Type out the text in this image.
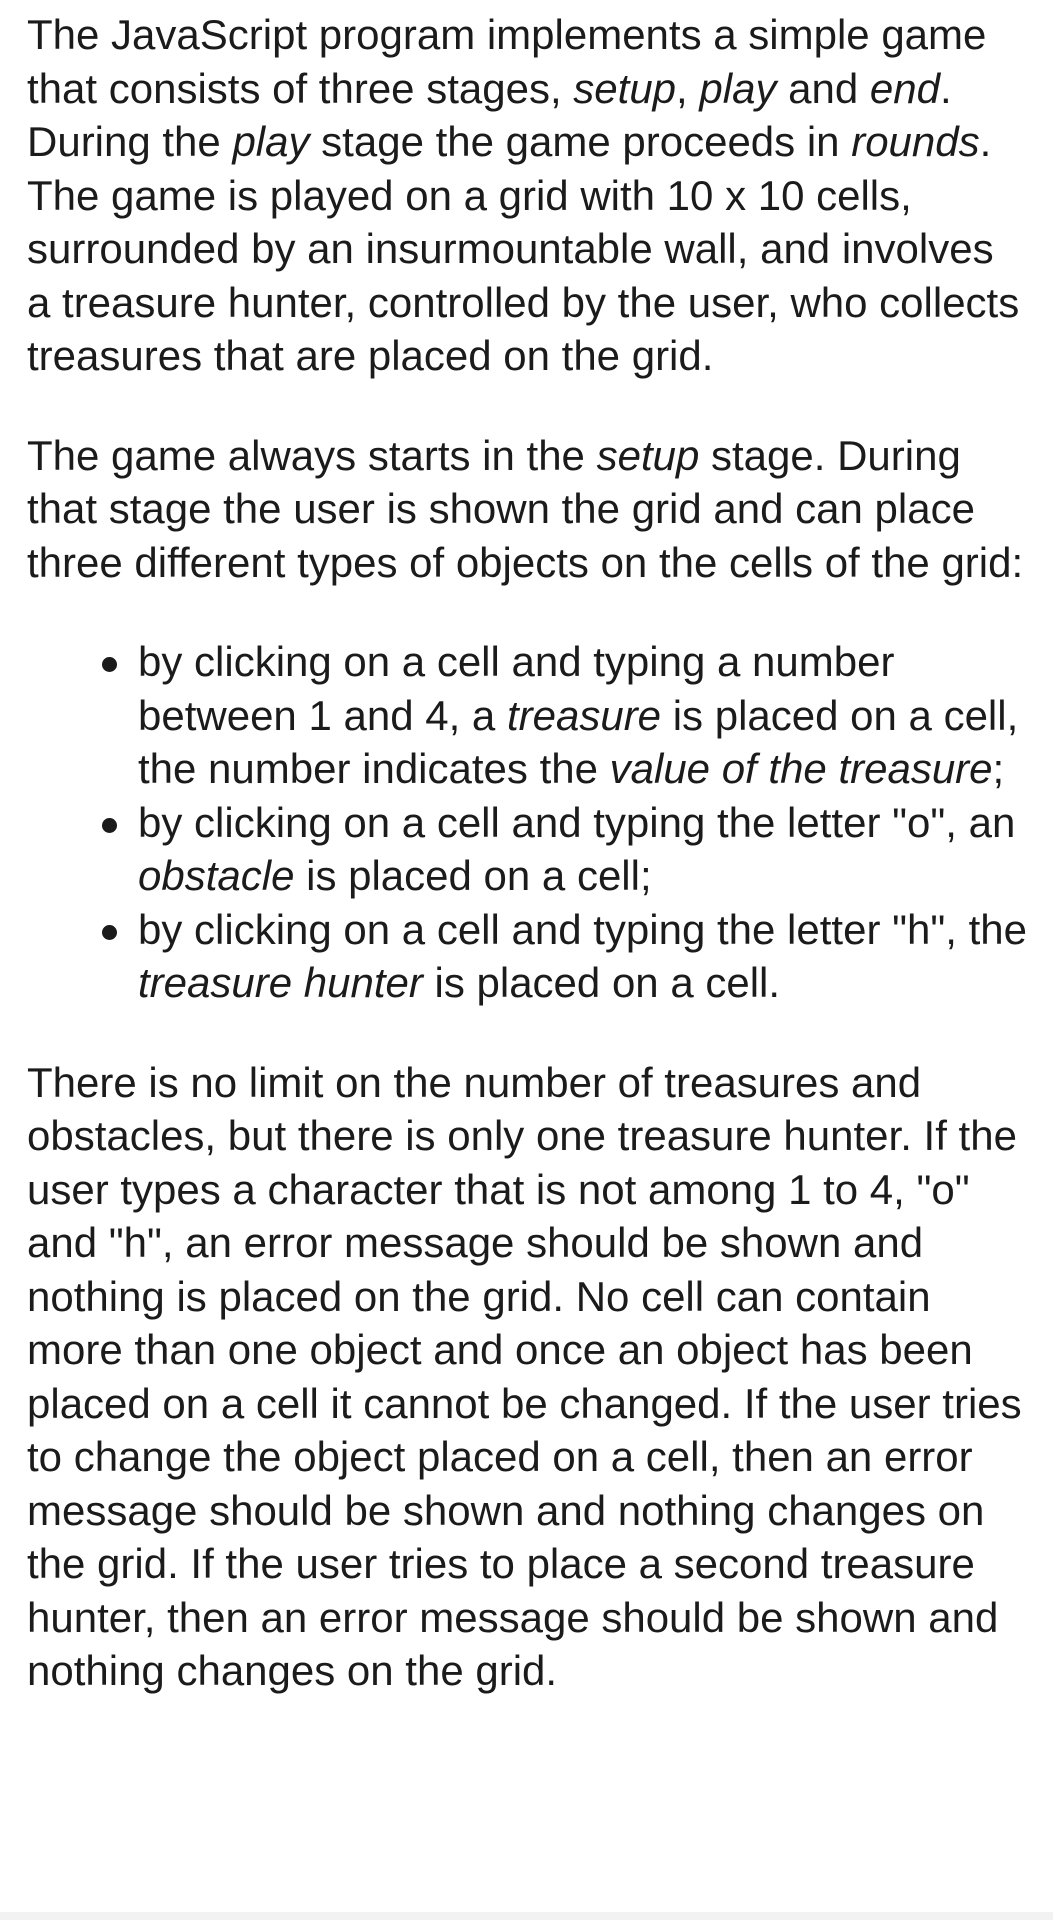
The JavaScript program implements a simple game that consists of three stages, setup, play and end. During the play stage the game proceeds in rounds. The game is played on a grid with 10 x 10 cells, surrounded by an insurmountable wall, and involves a treasure hunter, controlled by the user, who collects treasures that are placed on the grid.

The game always starts in the setup stage. During that stage the user is shown the grid and can place three different types of objects on the cells of the grid:

by clicking on a cell and typing a number between 1 and 4, a treasure is placed on a cell, the number indicates the value of the treasure;
by clicking on a cell and typing the letter "o", an obstacle is placed on a cell;
by clicking on a cell and typing the letter "h", the treasure hunter is placed on a cell.

There is no limit on the number of treasures and obstacles, but there is only one treasure hunter. If the user types a character that is not among 1 to 4, "o" and "h", an error message should be shown and nothing is placed on the grid. No cell can contain more than one object and once an object has been placed on a cell it cannot be changed. If the user tries to change the object placed on a cell, then an error message should be shown and nothing changes on the grid. If the user tries to place a second treasure hunter, then an error message should be shown and nothing changes on the grid.
